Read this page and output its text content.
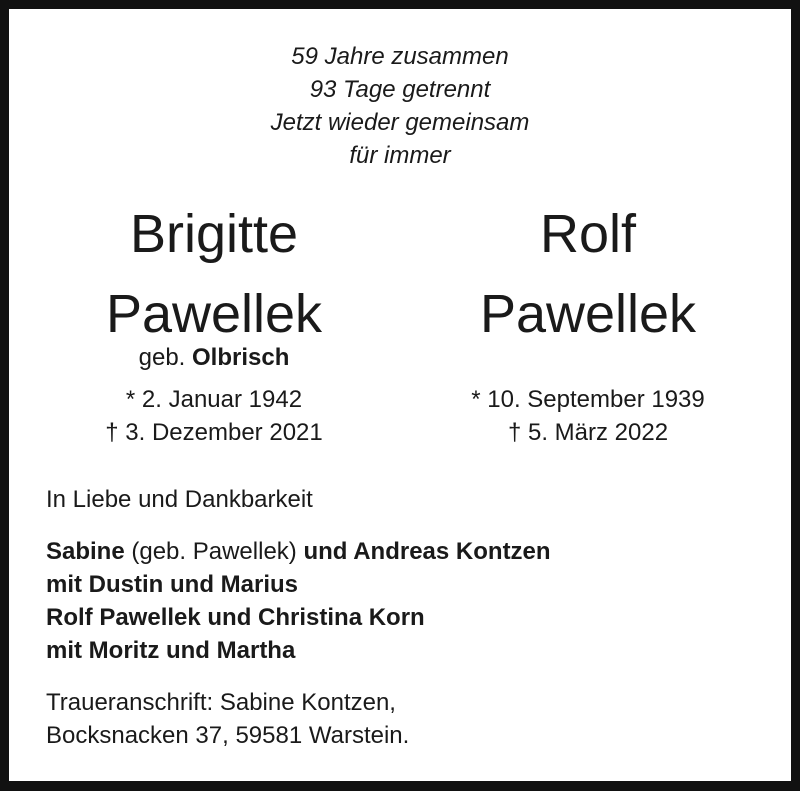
59 Jahre zusammen
93 Tage getrennt
Jetzt wieder gemeinsam
für immer
Brigitte
Pawellek
geb. Olbrisch
* 2. Januar 1942
† 3. Dezember 2021
Rolf
Pawellek
* 10. September 1939
† 5. März 2022
In Liebe und Dankbarkeit
Sabine (geb. Pawellek) und Andreas Kontzen
mit Dustin und Marius
Rolf Pawellek und Christina Korn
mit Moritz und Martha
Traueranschrift: Sabine Kontzen,
Bocksnacken 37, 59581 Warstein.
